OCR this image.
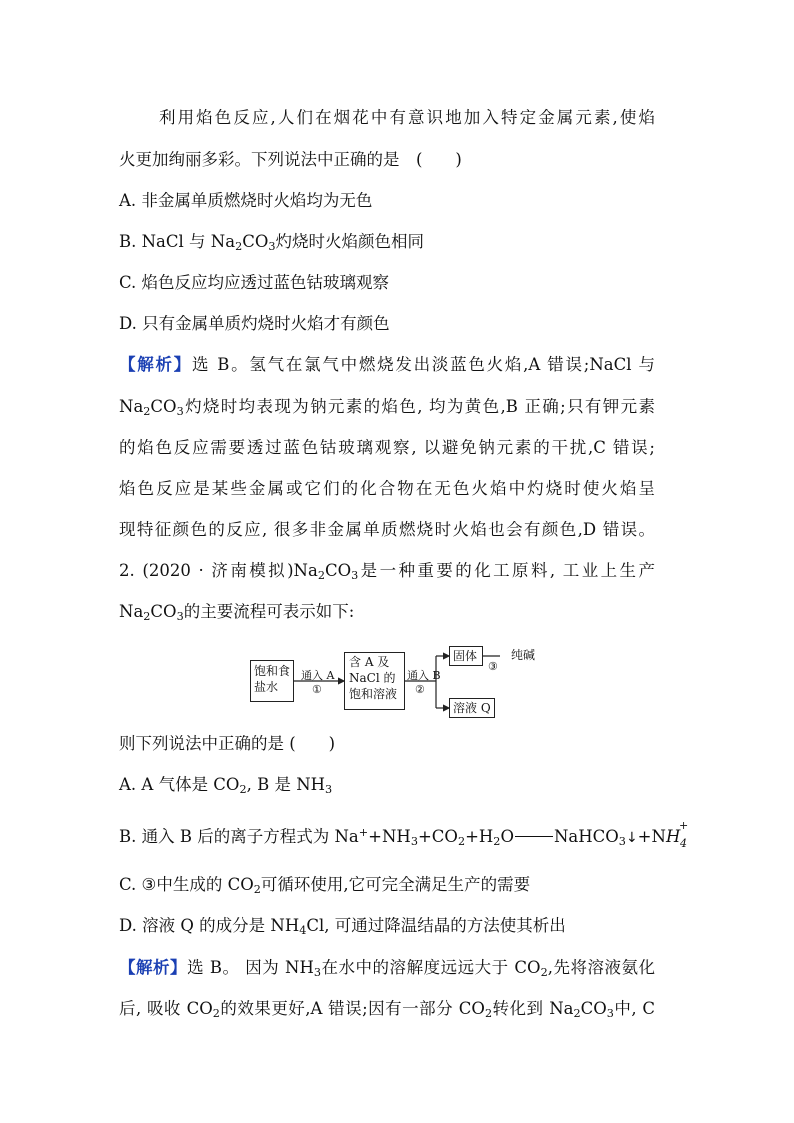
利用焰色反应,人们在烟花中有意识地加入特定金属元素,使焰
火更加绚丽多彩。下列说法中正确的是　(　　)
A. 非金属单质燃烧时火焰均为无色
B. NaCl 与 $Na_2CO_3$灼烧时火焰颜色相同
C. 焰色反应均应透过蓝色钴玻璃观察
D. 只有金属单质灼烧时火焰才有颜色
【解析】选 B。氢气在氯气中燃烧发出淡蓝色火焰,A 错误;NaCl 与
$Na_2CO_3$灼烧时均表现为钠元素的焰色, 均为黄色,B 正确;只有钾元素
的焰色反应需要透过蓝色钴玻璃观察, 以避免钠元素的干扰,C 错误;
焰色反应是某些金属或它们的化合物在无色火焰中灼烧时使火焰呈
现特征颜色的反应, 很多非金属单质燃烧时火焰也会有颜色,D 错误。
2. (2020 · 济南模拟)$Na_2CO_3$是一种重要的化工原料, 工业上生产
$Na_2CO_3$的主要流程可表示如下:
饱和食盐水
通入 A
①
含 A 及 NaCl 的饱和溶液
通入 B
②
固体
③
纯碱
溶液 Q
则下列说法中正确的是 (　　)
A. A 气体是 $CO_2$, B 是 $NH_3$
B. 通入 B 后的离子方程式为 $Na^++NH_3+CO_2+H_2O$ NaHCO$_3$↓+NH 4
+
C. ③中生成的 $CO_2$可循环使用,它可完全满足生产的需要
D. 溶液 Q 的成分是 $NH_4Cl$, 可通过降温结晶的方法使其析出
【解析】选 B。 因为 $NH_3$在水中的溶解度远远大于 $CO_2$,先将溶液氨化
后, 吸收 $CO_2$的效果更好,A 错误;因有一部分 $CO_2$转化到 $Na_2CO_3$中, C
